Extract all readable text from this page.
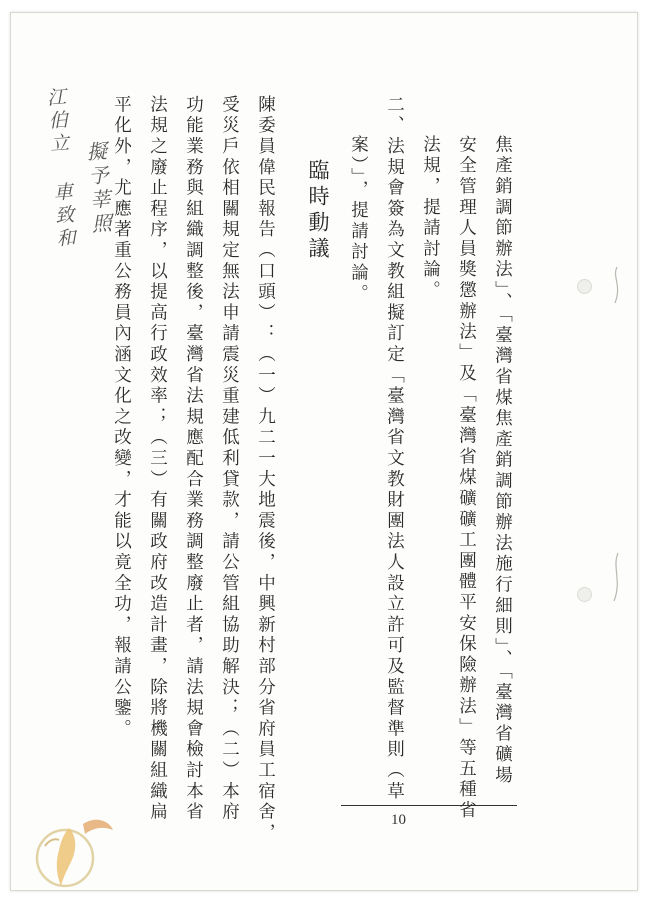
焦產銷調節辦法」、「臺灣省煤焦產銷調節辦法施行細則」、「臺灣省礦場
安全管理人員獎懲辦法」及「臺灣省煤礦礦工團體平安保險辦法」等五種省
法規，提請討論。
二、法規會簽為文教組擬訂定「臺灣省文教財團法人設立許可及監督準則（草
案）」，提請討論。
臨時動議
陳委員偉民報告（口頭）：（一）九二一大地震後，中興新村部分省府員工宿舍，
受災戶依相關規定無法申請震災重建低利貸款，請公管組協助解決；（二）本府
功能業務與組織調整後，臺灣省法規應配合業務調整廢止者，請法規會檢討本省
法規之廢止程序，以提高行政效率；（三）有關政府改造計畫，除將機關組織扁
平化外，尤應著重公務員內涵文化之改變，才能以竟全功，報請公鑒。
擬予莘照
江伯立 車致和
10
